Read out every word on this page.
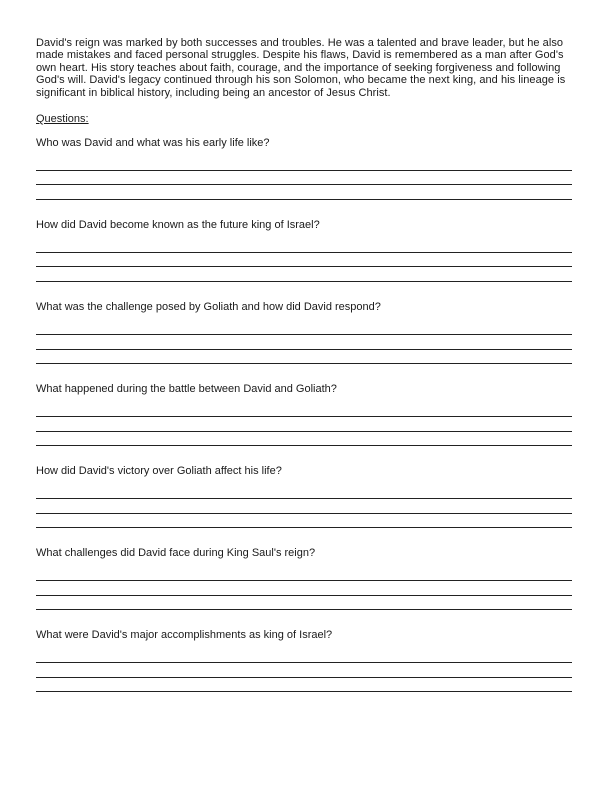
David's reign was marked by both successes and troubles. He was a talented and brave leader, but he also made mistakes and faced personal struggles. Despite his flaws, David is remembered as a man after God's own heart. His story teaches about faith, courage, and the importance of seeking forgiveness and following God's will. David's legacy continued through his son Solomon, who became the next king, and his lineage is significant in biblical history, including being an ancestor of Jesus Christ.

Questions:

Who was David and what was his early life like?

How did David become known as the future king of Israel?

What was the challenge posed by Goliath and how did David respond?

What happened during the battle between David and Goliath?

How did David's victory over Goliath affect his life?

What challenges did David face during King Saul's reign?

What were David's major accomplishments as king of Israel?
